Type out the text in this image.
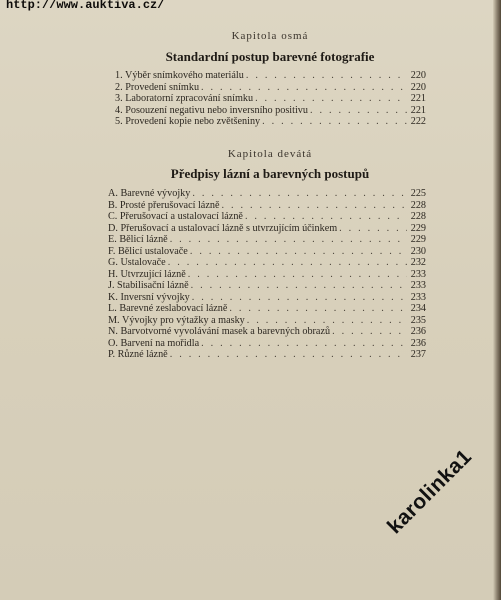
http://www.auktiva.cz/
Kapitola osmá
Standardní postup barevné fotografie
1. Výběr snímkového materiálu . . .	220
2. Provedení snímku . . .	220
3. Laboratorní zpracování snímku . . .	221
4. Posouzení negativu nebo inversního positivu . . .	221
5. Provedení kopie nebo zvětšeniny . . .	222
Kapitola devátá
Předpisy lázní a barevných postupů
A. Barevné vývojky . . .	225
B. Prosté přerušovací lázně . . .	228
C. Přerušovací a ustalovací lázně . . .	228
D. Přerušovací a ustalovací lázně s utvrzujícím účinkem . . .	229
E. Bělicí lázně . . .	229
F. Bělicí ustalovače . . .	230
G. Ustalovače . . .	232
H. Utvrzující lázně . . .	233
J. Stabilisační lázně . . .	233
K. Inversní vývojky . . .	233
L. Barevné zeslabovací lázně . . .	234
M. Vývojky pro výtažky a masky . . .	235
N. Barvotvorné vyvolávání masek a barevných obrazů . . .	236
O. Barvení na mořidla . . .	236
P. Různé lázně . . .	237
karolinka1
